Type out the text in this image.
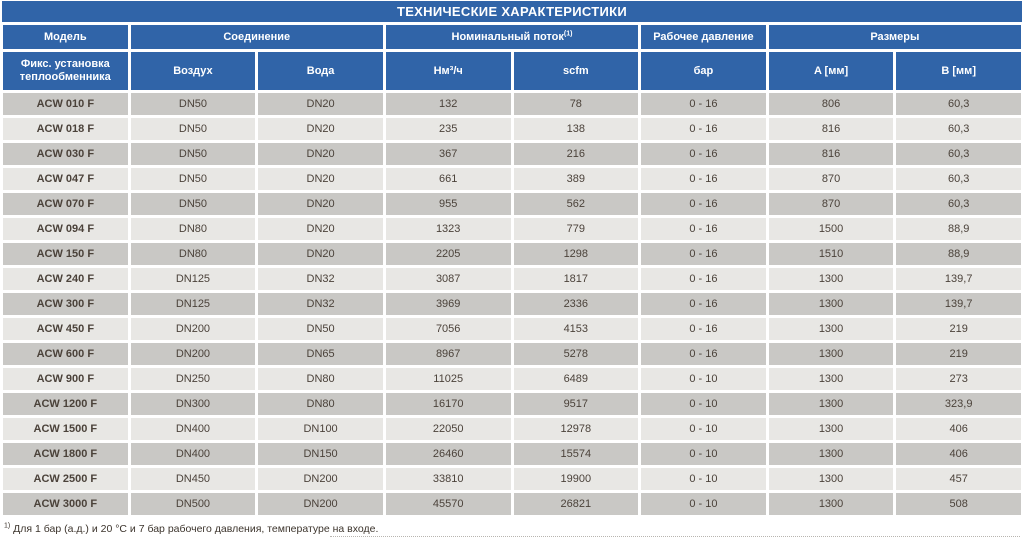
ТЕХНИЧЕСКИЕ ХАРАКТЕРИСТИКИ
Модель	Соединение		Номинальный поток$^{(1)}$		Рабочее давление	Размеры	
Фикс. установка теплообменника	Воздух	Вода	Нм³/ч	scfm	бар	A [мм]	B [мм]
ACW 010 F	DN50	DN20	132	78	0 - 16	806	60,3
ACW 018 F	DN50	DN20	235	138	0 - 16	816	60,3
ACW 030 F	DN50	DN20	367	216	0 - 16	816	60,3
ACW 047 F	DN50	DN20	661	389	0 - 16	870	60,3
ACW 070 F	DN50	DN20	955	562	0 - 16	870	60,3
ACW 094 F	DN80	DN20	1323	779	0 - 16	1500	88,9
ACW 150 F	DN80	DN20	2205	1298	0 - 16	1510	88,9
ACW 240 F	DN125	DN32	3087	1817	0 - 16	1300	139,7
ACW 300 F	DN125	DN32	3969	2336	0 - 16	1300	139,7
ACW 450 F	DN200	DN50	7056	4153	0 - 16	1300	219
ACW 600 F	DN200	DN65	8967	5278	0 - 16	1300	219
ACW 900 F	DN250	DN80	11025	6489	0 - 10	1300	273
ACW 1200 F	DN300	DN80	16170	9517	0 - 10	1300	323,9
ACW 1500 F	DN400	DN100	22050	12978	0 - 10	1300	406
ACW 1800 F	DN400	DN150	26460	15574	0 - 10	1300	406
ACW 2500 F	DN450	DN200	33810	19900	0 - 10	1300	457
ACW 3000 F	DN500	DN200	45570	26821	0 - 10	1300	508
$^{1)}$ Для 1 бар (а.д.) и 20 °C и 7 бар рабочего давления, температуре на входе.
